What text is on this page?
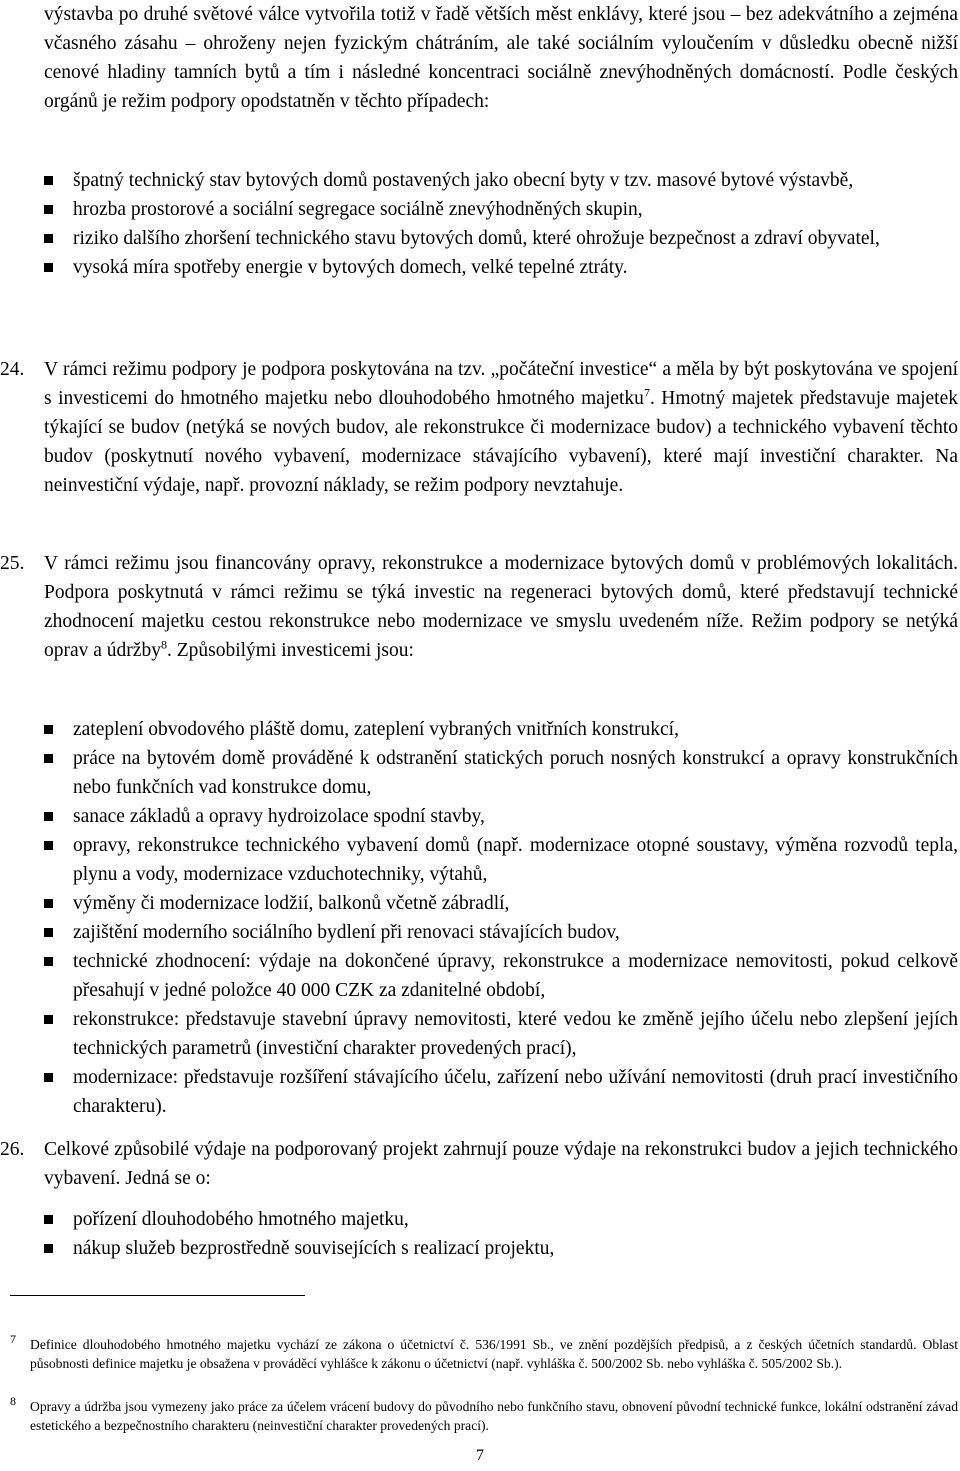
výstavba po druhé světové válce vytvořila totiž v řadě větších měst enklávy, které jsou – bez adekvátního a zejména včasného zásahu – ohroženy nejen fyzickým chátráním, ale také sociálním vyloučením v důsledku obecně nižší cenové hladiny tamních bytů a tím i následné koncentraci sociálně znevýhodněných domácností. Podle českých orgánů je režim podpory opodstatněn v těchto případech:
špatný technický stav bytových domů postavených jako obecní byty v tzv. masové bytové výstavbě,
hrozba prostorové a sociální segregace sociálně znevýhodněných skupin,
riziko dalšího zhoršení technického stavu bytových domů, které ohrožuje bezpečnost a zdraví obyvatel,
vysoká míra spotřeby energie v bytových domech, velké tepelné ztráty.
24.	V rámci režimu podpory je podpora poskytována na tzv. „počáteční investice“ a měla by být poskytována ve spojení s investicemi do hmotného majetku nebo dlouhodobého hmotného majetku$^7$. Hmotný majetek představuje majetek týkající se budov (netýká se nových budov, ale rekonstrukce či modernizace budov) a technického vybavení těchto budov (poskytnutí nového vybavení, modernizace stávajícího vybavení), které mají investiční charakter. Na neinvestiční výdaje, např. provozní náklady, se režim podpory nevztahuje.
25.	V rámci režimu jsou financovány opravy, rekonstrukce a modernizace bytových domů v problémových lokalitách. Podpora poskytnutá v rámci režimu se týká investic na regeneraci bytových domů, které představují technické zhodnocení majetku cestou rekonstrukce nebo modernizace ve smyslu uvedeném níže. Režim podpory se netýká oprav a údržby$^8$. Způsobilými investicemi jsou:
zateplení obvodového pláště domu, zateplení vybraných vnitřních konstrukcí,
práce na bytovém domě prováděné k odstranění statických poruch nosných konstrukcí a opravy konstrukčních nebo funkčních vad konstrukce domu,
sanace základů a opravy hydroizolace spodní stavby,
opravy, rekonstrukce technického vybavení domů (např. modernizace otopné soustavy, výměna rozvodů tepla, plynu a vody, modernizace vzduchotechniky, výtahů,
výměny či modernizace lodžií, balkonů včetně zábradlí,
zajištění moderního sociálního bydlení při renovaci stávajících budov,
technické zhodnocení: výdaje na dokončené úpravy, rekonstrukce a modernizace nemovitosti, pokud celkově přesahují v jedné položce 40 000 CZK za zdanitelné období,
rekonstrukce: představuje stavební úpravy nemovitosti, které vedou ke změně jejího účelu nebo zlepšení jejích technických parametrů (investiční charakter provedených prací),
modernizace: představuje rozšíření stávajícího účelu, zařízení nebo užívání nemovitosti (druh prací investičního charakteru).
26.	Celkové způsobilé výdaje na podporovaný projekt zahrnují pouze výdaje na rekonstrukci budov a jejich technického vybavení. Jedná se o:
pořízení dlouhodobého hmotného majetku,
nákup služeb bezprostředně souvisejících s realizací projektu,
7	Definice dlouhodobého hmotného majetku vychází ze zákona o účetnictví č. 536/1991 Sb., ve znění pozdějších předpisů, a z českých účetních standardů. Oblast působnosti definice majetku je obsažena v prováděcí vyhlášce k zákonu o účetnictví (např. vyhláška č. 500/2002 Sb. nebo vyhláška č. 505/2002 Sb.).
8	Opravy a údržba jsou vymezeny jako práce za účelem vrácení budovy do původního nebo funkčního stavu, obnovení původní technické funkce, lokální odstranění závad estetického a bezpečnostního charakteru (neinvestiční charakter provedených prací).
7
